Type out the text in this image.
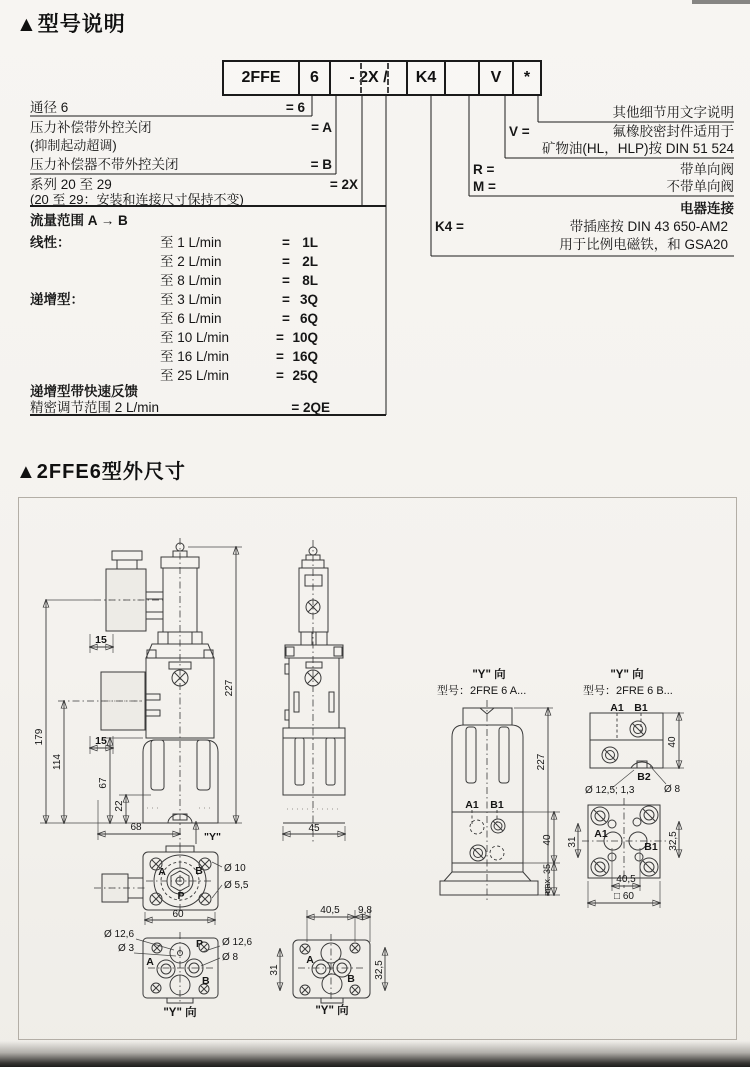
▲型号说明
2FFE	6	- 2X /	K4	V	*
通径 6	= 6
压力补偿带外控关闭	= A
(抑制起动超调)
压力补偿器不带外控关闭	= B
系列 20 至 29	= 2X
(20 至 29：安装和连接尺寸保持不变)
流量范围 A → B
线性：	至 1 L/min	= 1L
至 2 L/min	= 2L
至 8 L/min	= 8L
递增型：	至 3 L/min	= 3Q
至 6 L/min	= 6Q
至 10 L/min	= 10Q
至 16 L/min	= 16Q
至 25 L/min	= 25Q
递增型带快速反馈
精密调节范围 2 L/min	= 2QE
其他细节用文字说明
V =	氟橡胶密封件适用于
矿物油(HL，HLP)按 DIN 51 524
R =	带单向阀
M =	不带单向阀
电器连接
K4 =	带插座按 DIN 43 650-AM2
用于比例电磁铁，和 GSA20
▲2FFE6型外尺寸
15
15
179
114
67
22
227
68
"Y"
A	B
P
Ø 10
Ø 5,5
60
Ø 12,6
Ø 3	P
A
B
Ø 12,6
Ø 8
"Y" 向
45
40,5 9,8
A
B
31	32,5
"Y" 向
"Y" 向
型号：2FRE 6 A...
A1 B1
227
40
max. 35
"Y" 向
型号：2FRE 6 B...
A1 B1
B2
Ø 12,5; 1,3	Ø 8
40
A1
B1
31	32,5
40,5
□ 60
